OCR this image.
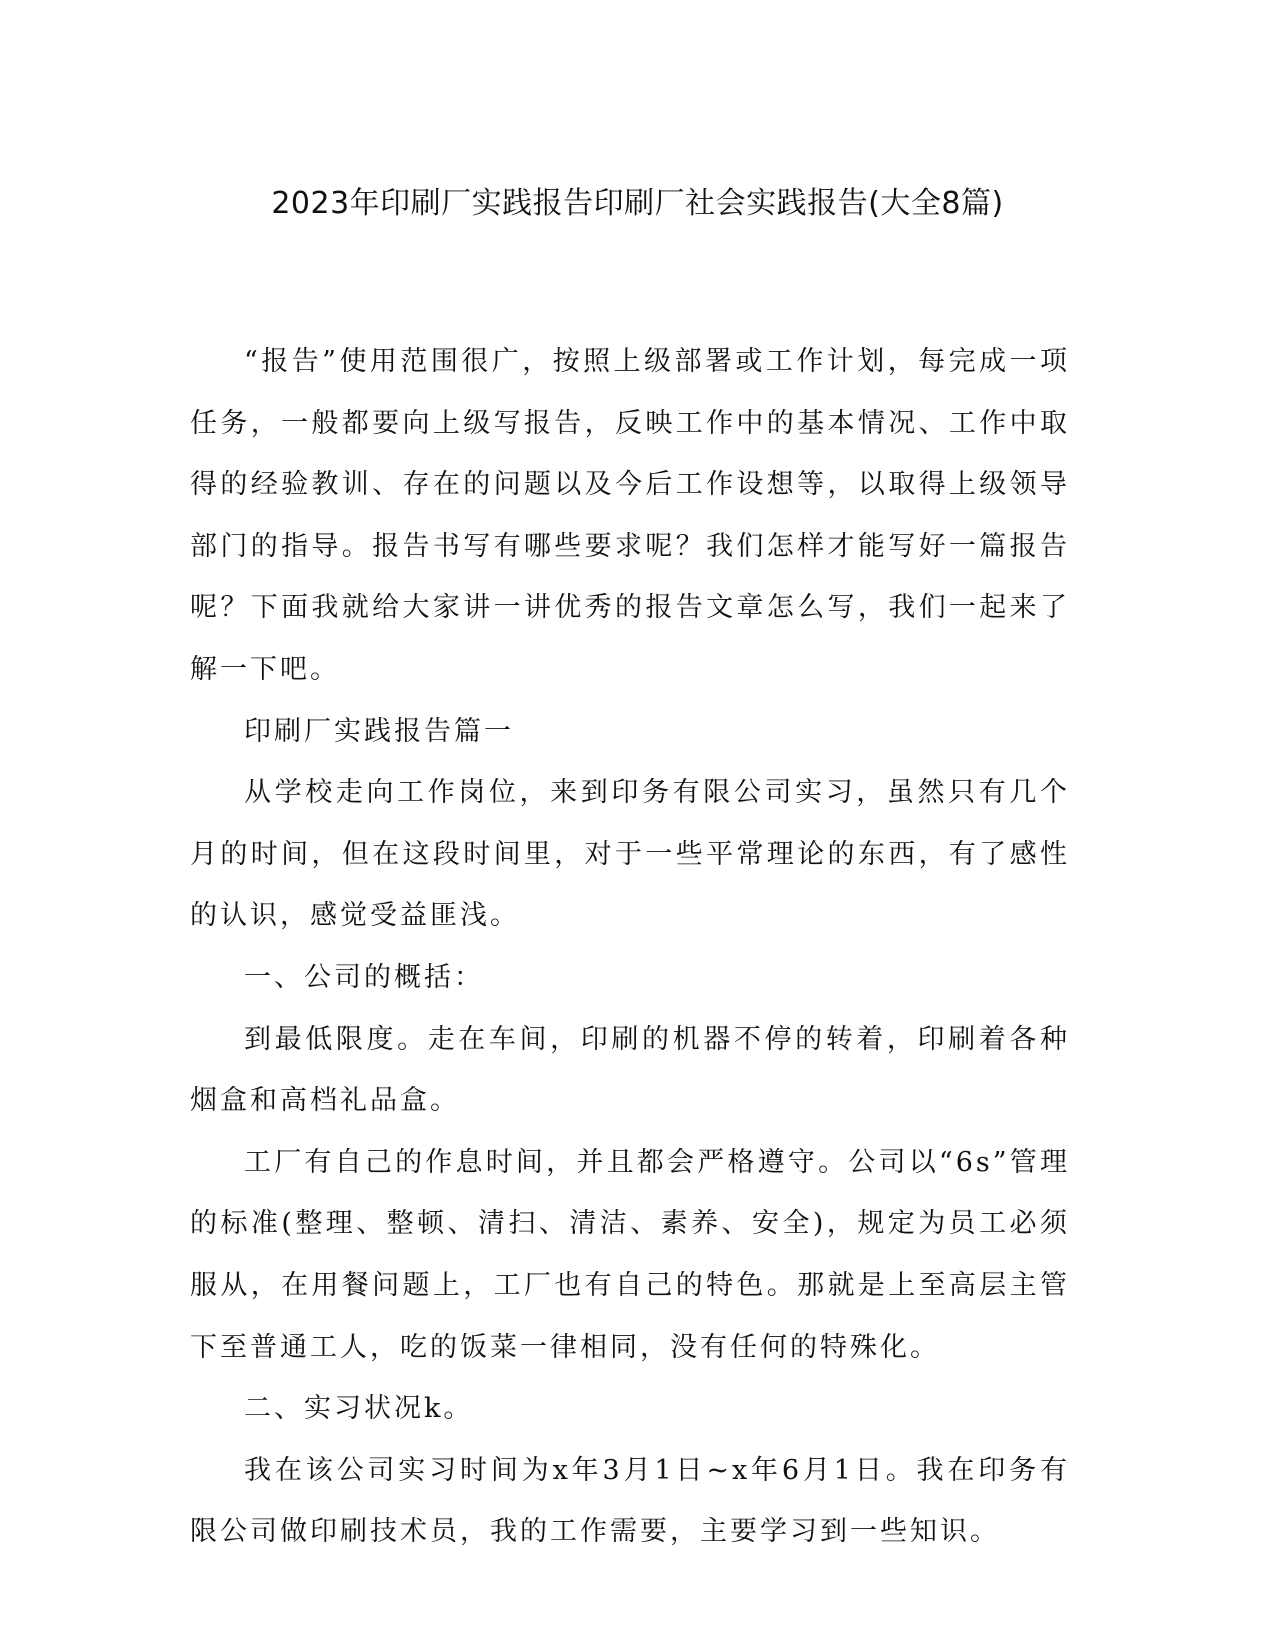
2023年印刷厂实践报告印刷厂社会实践报告(大全8篇)

“报告”使用范围很广，按照上级部署或工作计划，每完成一项任务，一般都要向上级写报告，反映工作中的基本情况、工作中取得的经验教训、存在的问题以及今后工作设想等，以取得上级领导部门的指导。报告书写有哪些要求呢？我们怎样才能写好一篇报告呢？下面我就给大家讲一讲优秀的报告文章怎么写，我们一起来了解一下吧。

印刷厂实践报告篇一

从学校走向工作岗位，来到印务有限公司实习，虽然只有几个月的时间，但在这段时间里，对于一些平常理论的东西，有了感性的认识，感觉受益匪浅。

一、公司的概括：

到最低限度。走在车间，印刷的机器不停的转着，印刷着各种烟盒和高档礼品盒。

工厂有自己的作息时间，并且都会严格遵守。公司以“6s”管理的标准(整理、整顿、清扫、清洁、素养、安全)，规定为员工必须服从，在用餐问题上，工厂也有自己的特色。那就是上至高层主管下至普通工人，吃的饭菜一律相同，没有任何的特殊化。

二、实习状况k。

我在该公司实习时间为x年3月1日~x年6月1日。我在印务有限公司做印刷技术员，我的工作需要，主要学习到一些知识。
